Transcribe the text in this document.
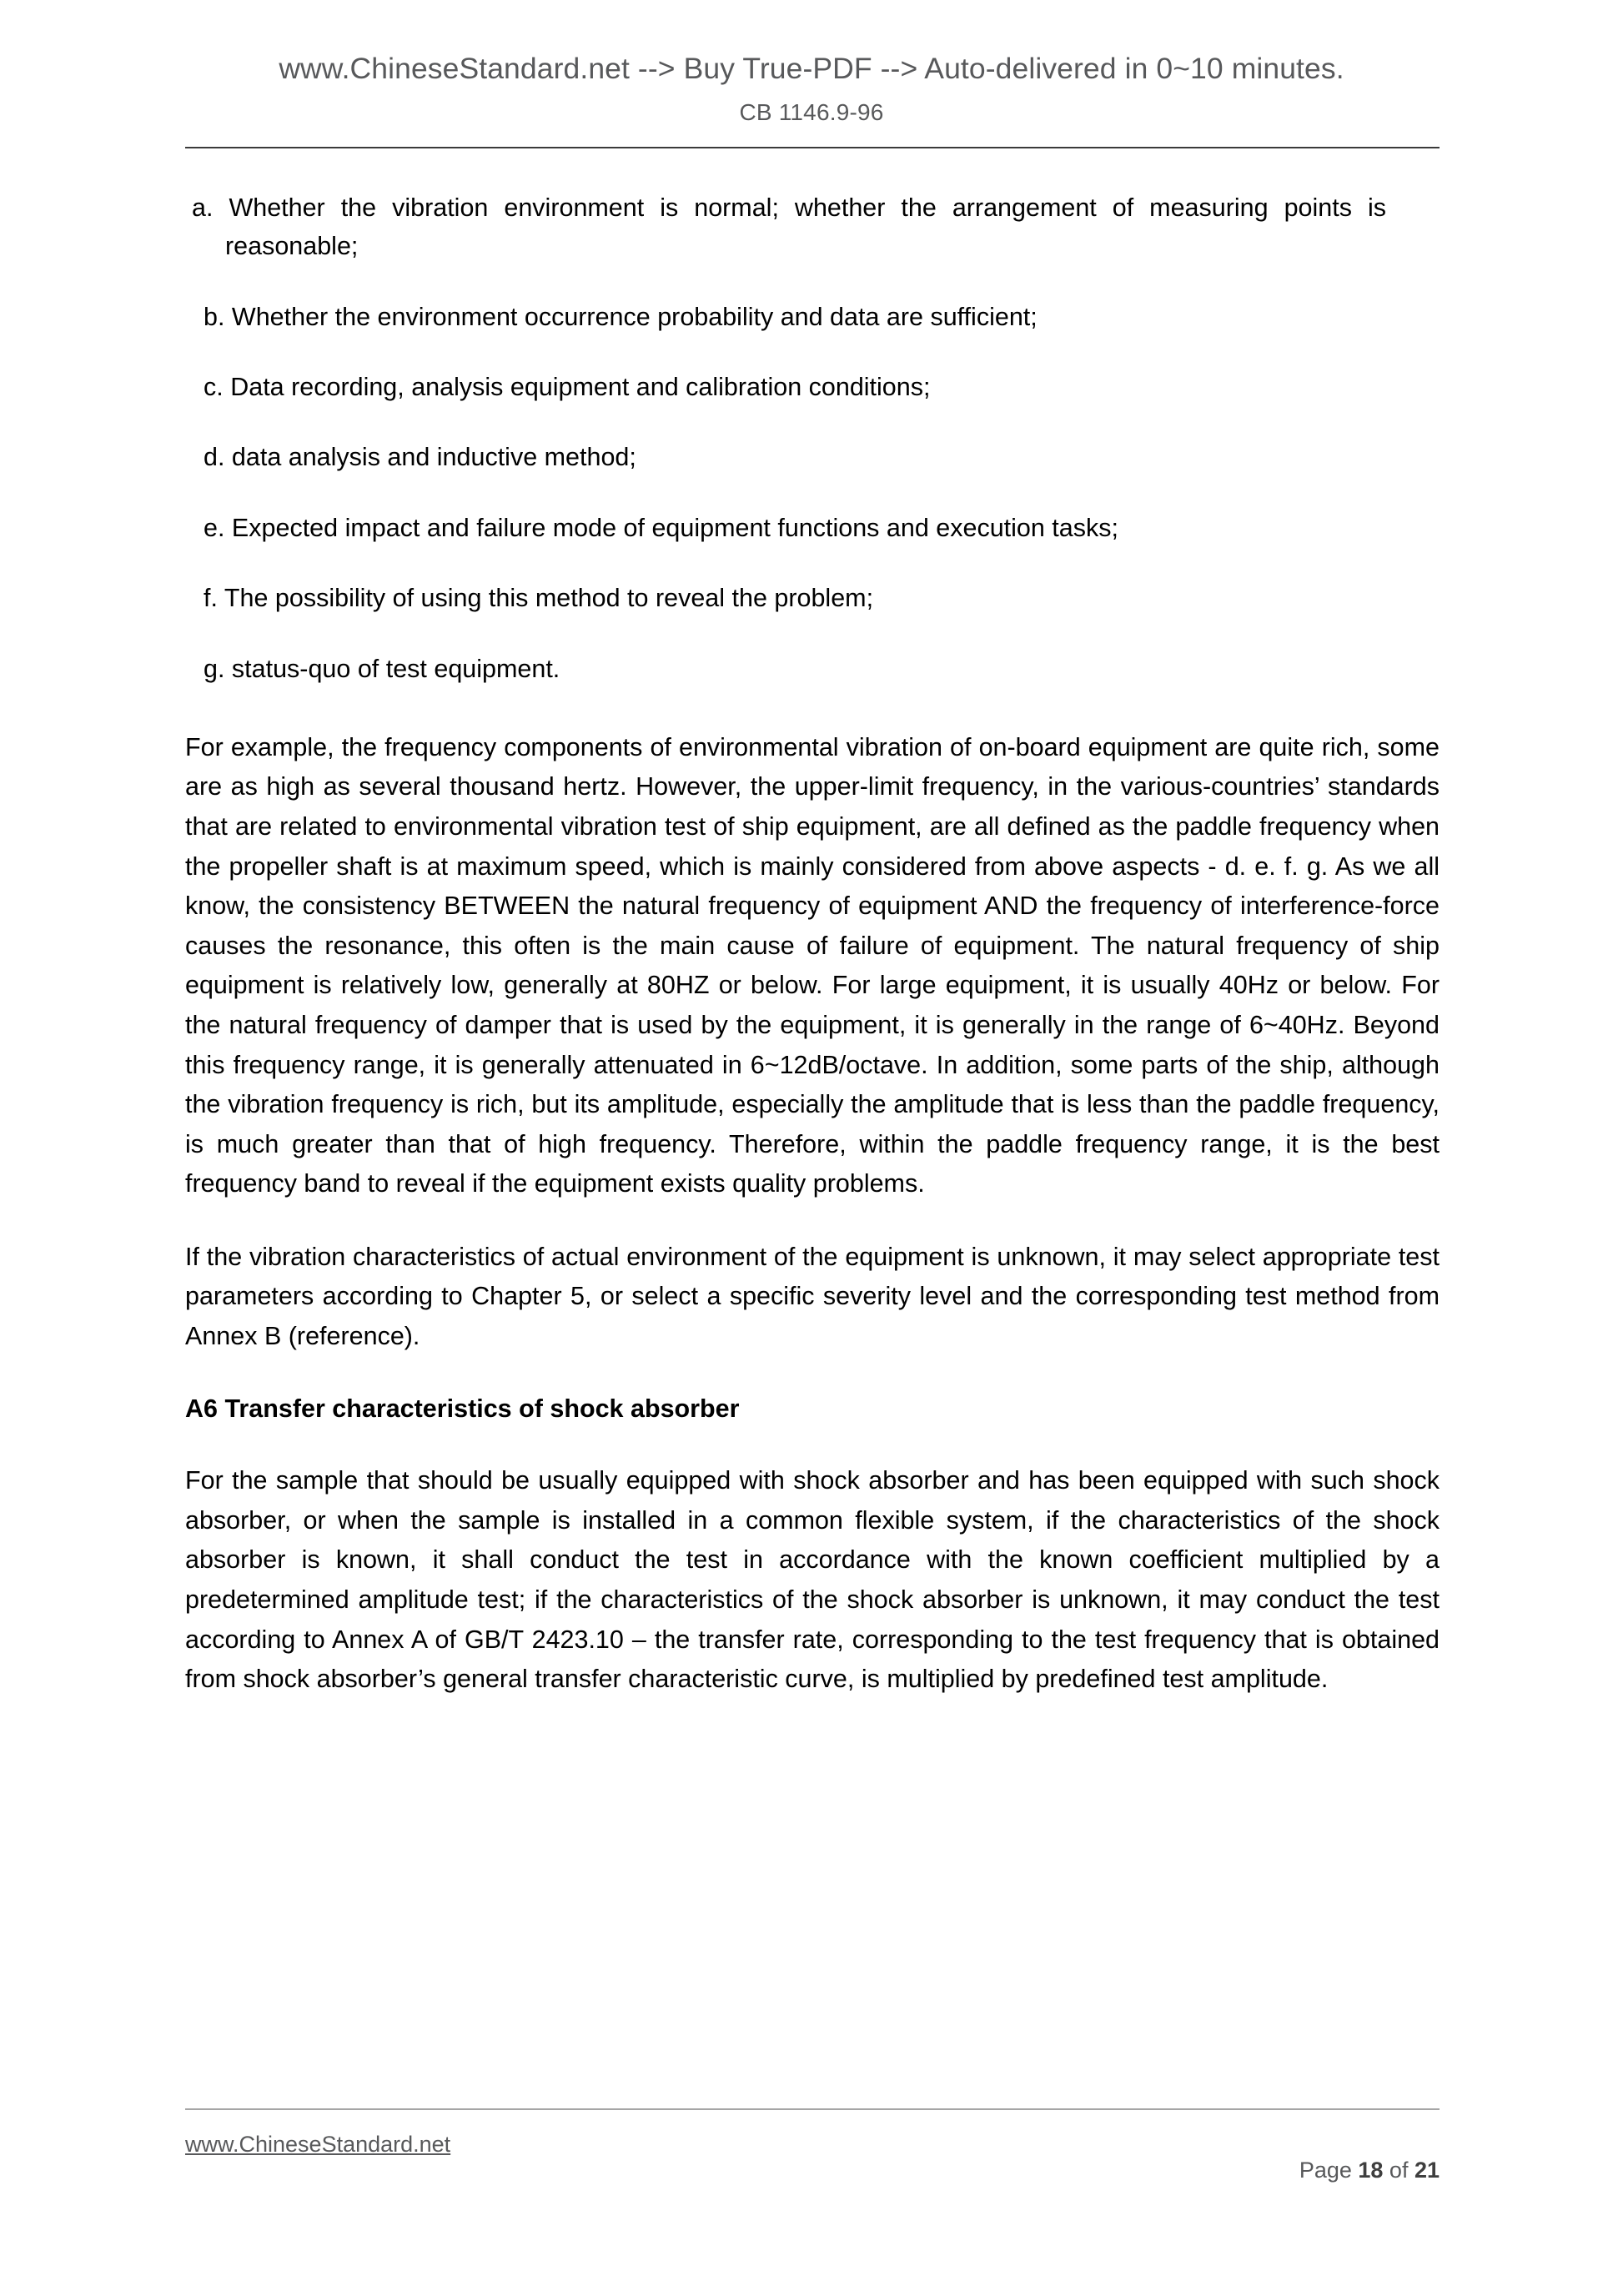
www.ChineseStandard.net --> Buy True-PDF --> Auto-delivered in 0~10 minutes.
CB 1146.9-96
a. Whether the vibration environment is normal; whether the arrangement of measuring points is reasonable;
b. Whether the environment occurrence probability and data are sufficient;
c. Data recording, analysis equipment and calibration conditions;
d. data analysis and inductive method;
e. Expected impact and failure mode of equipment functions and execution tasks;
f. The possibility of using this method to reveal the problem;
g. status-quo of test equipment.

For example, the frequency components of environmental vibration of on-board equipment are quite rich, some are as high as several thousand hertz. However, the upper-limit frequency, in the various-countries’ standards that are related to environmental vibration test of ship equipment, are all defined as the paddle frequency when the propeller shaft is at maximum speed, which is mainly considered from above aspects - d. e. f. g. As we all know, the consistency BETWEEN the natural frequency of equipment AND the frequency of interference-force causes the resonance, this often is the main cause of failure of equipment. The natural frequency of ship equipment is relatively low, generally at 80HZ or below. For large equipment, it is usually 40Hz or below. For the natural frequency of damper that is used by the equipment, it is generally in the range of 6~40Hz. Beyond this frequency range, it is generally attenuated in 6~12dB/octave. In addition, some parts of the ship, although the vibration frequency is rich, but its amplitude, especially the amplitude that is less than the paddle frequency, is much greater than that of high frequency. Therefore, within the paddle frequency range, it is the best frequency band to reveal if the equipment exists quality problems.

If the vibration characteristics of actual environment of the equipment is unknown, it may select appropriate test parameters according to Chapter 5, or select a specific severity level and the corresponding test method from Annex B (reference).

A6 Transfer characteristics of shock absorber

For the sample that should be usually equipped with shock absorber and has been equipped with such shock absorber, or when the sample is installed in a common flexible system, if the characteristics of the shock absorber is known, it shall conduct the test in accordance with the known coefficient multiplied by a predetermined amplitude test; if the characteristics of the shock absorber is unknown, it may conduct the test according to Annex A of GB/T 2423.10 – the transfer rate, corresponding to the test frequency that is obtained from shock absorber’s general transfer characteristic curve, is multiplied by predefined test amplitude.

www.ChineseStandard.net

Page 18 of 21
